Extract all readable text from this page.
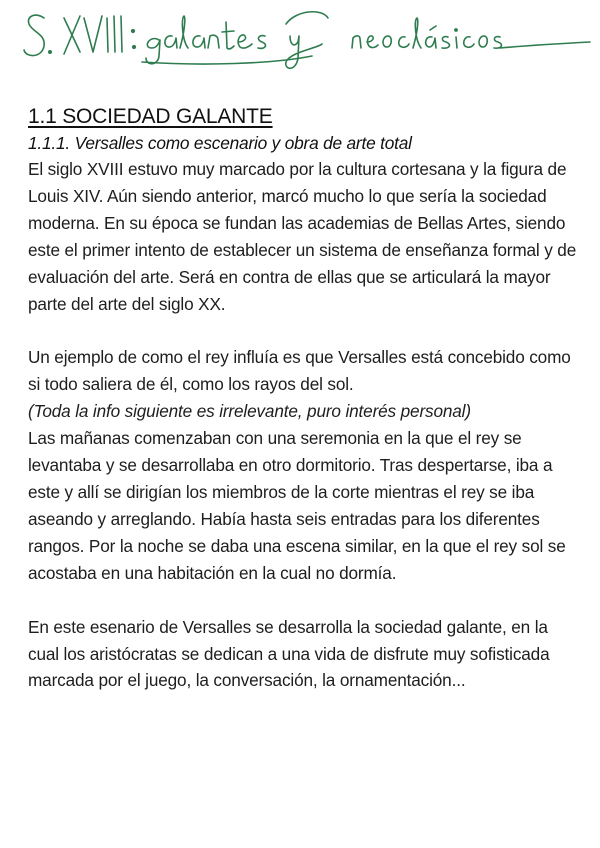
1.1 SOCIEDAD GALANTE
1.1.1. Versalles como escenario y obra de arte total

El siglo XVIII estuvo muy marcado por la cultura cortesana y la figura de Louis XIV. Aún siendo anterior, marcó mucho lo que sería la sociedad moderna. En su época se fundan las academias de Bellas Artes, siendo este el primer intento de establecer un sistema de enseñanza formal y de evaluación del arte. Será en contra de ellas que se articulará la mayor parte del arte del siglo XX.

Un ejemplo de como el rey influía es que Versalles está concebido como si todo saliera de él, como los rayos del sol.
(Toda la info siguiente es irrelevante, puro interés personal)
Las mañanas comenzaban con una seremonia en la que el rey se levantaba y se desarrollaba en otro dormitorio. Tras despertarse, iba a este y allí se dirigían los miembros de la corte mientras el rey se iba aseando y arreglando. Había hasta seis entradas para los diferentes rangos. Por la noche se daba una escena similar, en la que el rey sol se acostaba en una habitación en la cual no dormía.

En este esenario de Versalles se desarrolla la sociedad galante, en la cual los aristócratas se dedican a una vida de disfrute muy sofisticada marcada por el juego, la conversación, la ornamentación...
